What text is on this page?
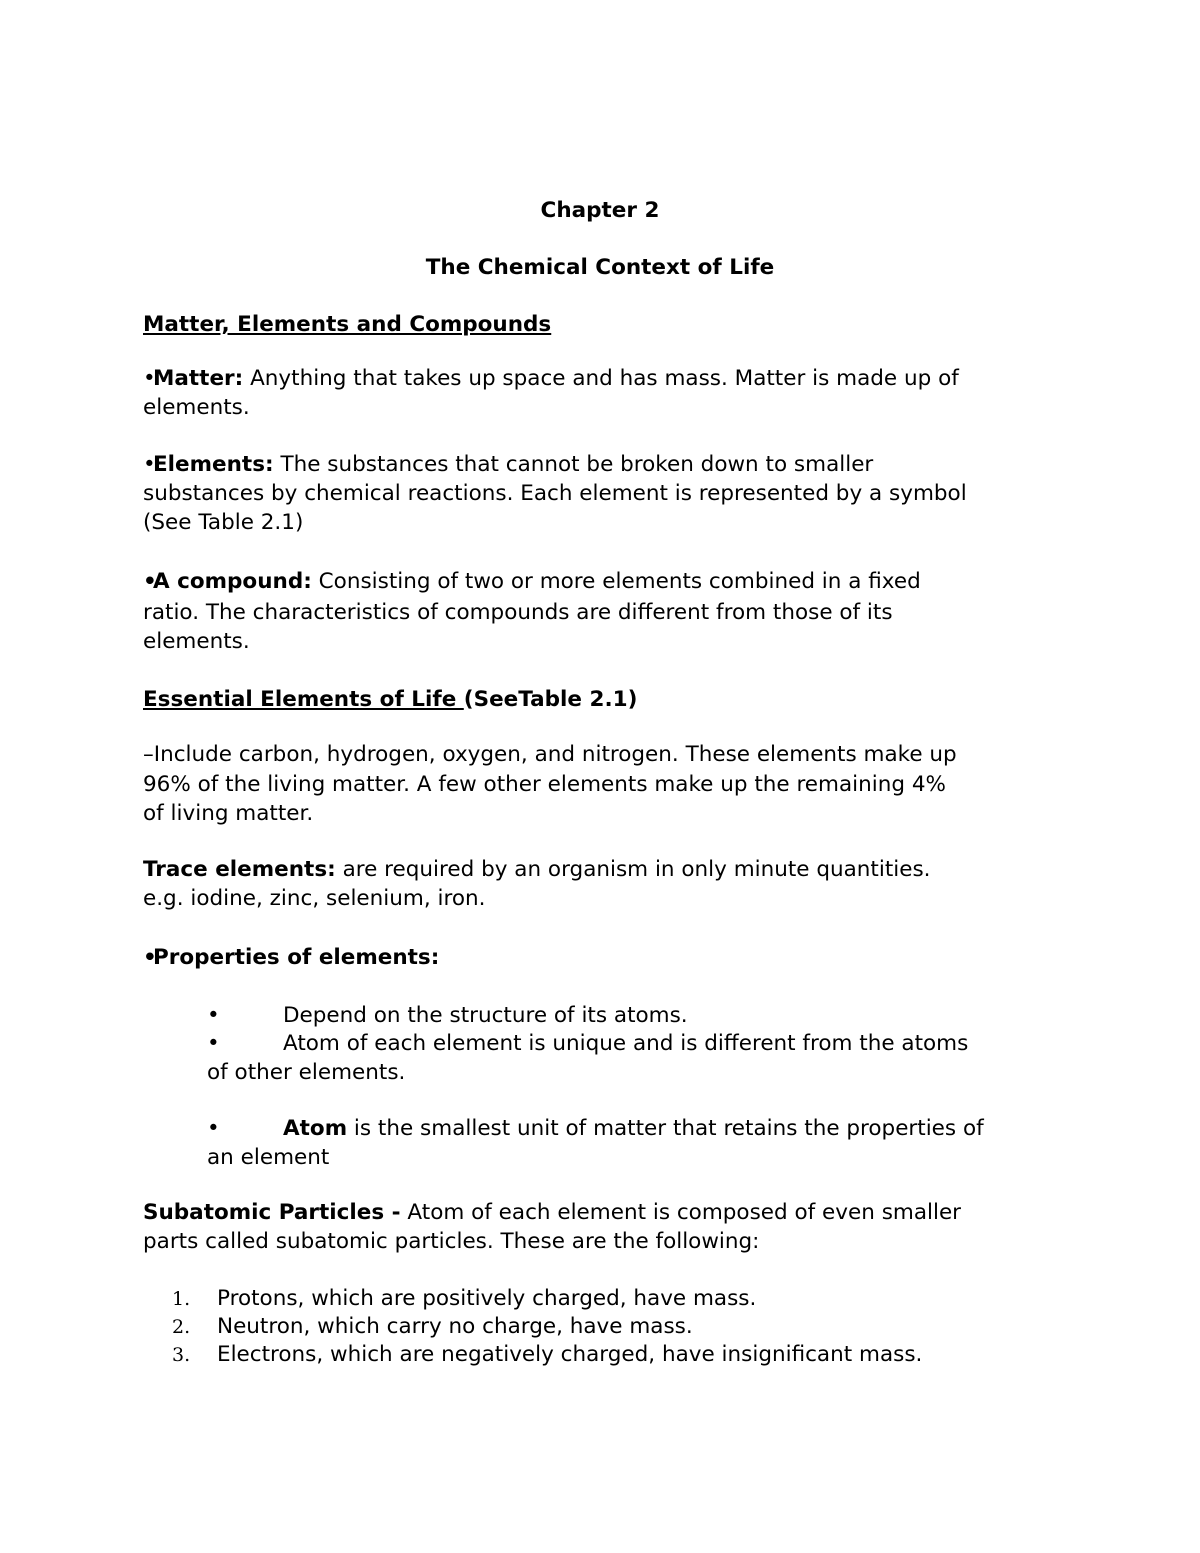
Chapter 2

The Chemical Context of Life

Matter, Elements and Compounds

•Matter: Anything that takes up space and has mass. Matter is made up of

elements.

•Elements: The substances that cannot be broken down to smaller

substances by chemical reactions. Each element is represented by a symbol

(See Table 2.1)

•A compound: Consisting of two or more elements combined in a fixed

ratio. The characteristics of compounds are different from those of its

elements.

Essential Elements of Life (SeeTable 2.1)

–Include carbon, hydrogen, oxygen, and nitrogen. These elements make up

96% of the living matter. A few other elements make up the remaining 4%

of living matter.

Trace elements: are required by an organism in only minute quantities.

e.g. iodine, zinc, selenium, iron.

•Properties of elements:

•	Depend on the structure of its atoms.

•	Atom of each element is unique and is different from the atoms

of other elements.

•	Atom is the smallest unit of matter that retains the properties of

an element

Subatomic Particles - Atom of each element is composed of even smaller

parts called subatomic particles. These are the following:

1. Protons, which are positively charged, have mass.

2. Neutron, which carry no charge, have mass.

3. Electrons, which are negatively charged, have insignificant mass.
